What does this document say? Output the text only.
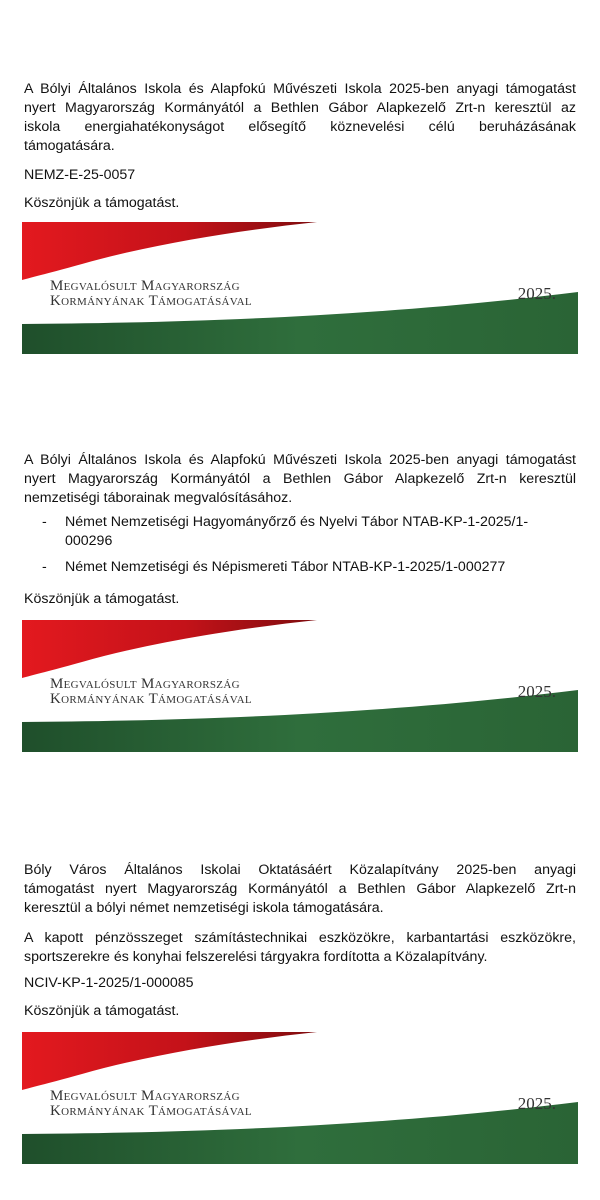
A Bólyi Általános Iskola és Alapfokú Művészeti Iskola 2025-ben anyagi támogatást
nyert Magyarország Kormányától a Bethlen Gábor Alapkezelő Zrt-n keresztül az
iskola energiahatékonyságot elősegítő köznevelési célú beruházásának
támogatására.

NEMZ-E-25-0057

Köszönjük a támogatást.

Megvalósult Magyarország
Kormányának Támogatásával	2025.

A Bólyi Általános Iskola és Alapfokú Művészeti Iskola 2025-ben anyagi támogatást
nyert Magyarország Kormányától a Bethlen Gábor Alapkezelő Zrt-n keresztül
nemzetiségi táborainak megvalósításához.

- Német Nemzetiségi Hagyományőrző és Nyelvi Tábor NTAB-KP-1-2025/1-
000296
- Német Nemzetiségi és Népismereti Tábor NTAB-KP-1-2025/1-000277

Köszönjük a támogatást.

Megvalósult Magyarország
Kormányának Támogatásával	2025.

Bóly Város Általános Iskolai Oktatásáért Közalapítvány 2025-ben anyagi
támogatást nyert Magyarország Kormányától a Bethlen Gábor Alapkezelő Zrt-n
keresztül a bólyi német nemzetiségi iskola támogatására.

A kapott pénzösszeget számítástechnikai eszközökre, karbantartási eszközökre,
sportszerekre és konyhai felszerelési tárgyakra fordította a Közalapítvány.

NCIV-KP-1-2025/1-000085

Köszönjük a támogatást.

Megvalósult Magyarország
Kormányának Támogatásával	2025.
